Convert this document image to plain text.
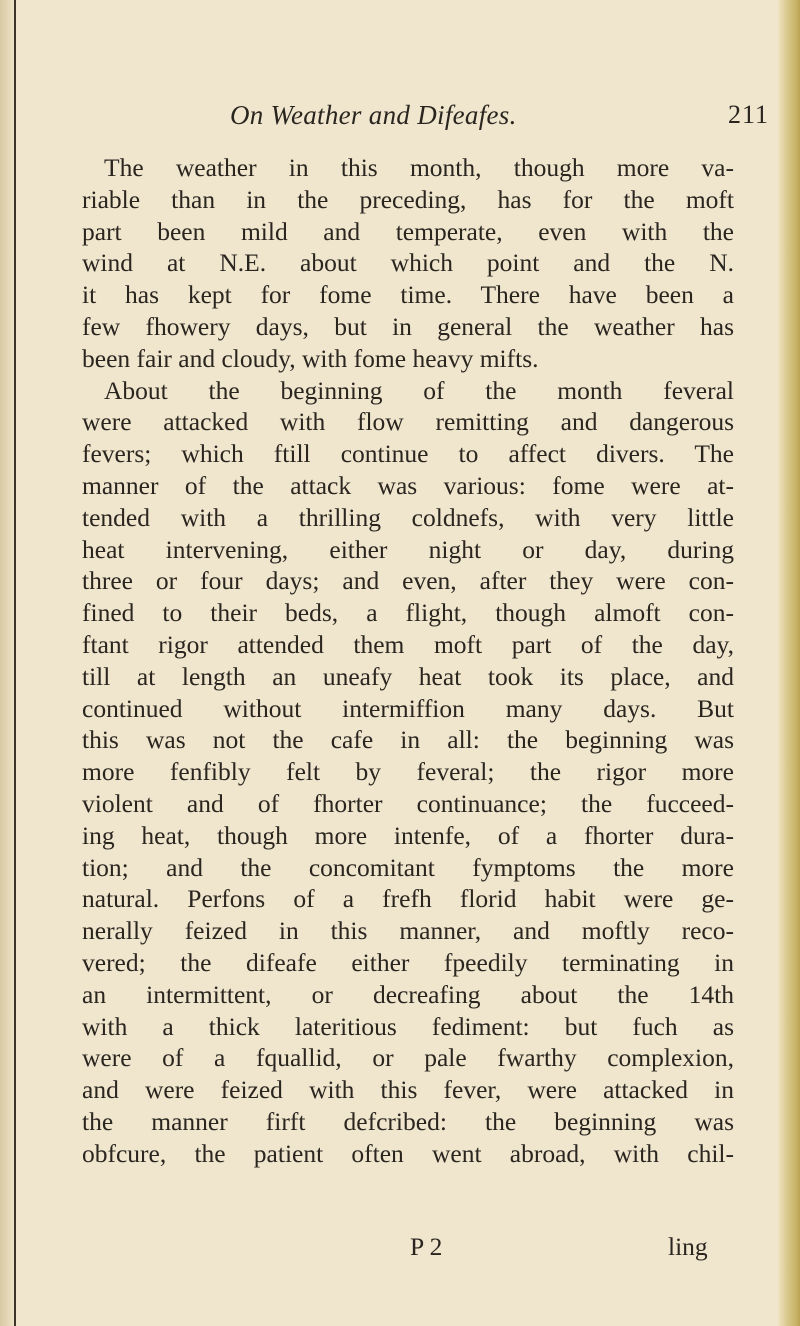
On Weather and Difeafes.	211
The weather in this month, though more va-
riable than in the preceding, has for the moft
part been mild and temperate, even with the
wind at N.E. about which point and the N.
it has kept for fome time. There have been a
few fhowery days, but in general the weather has
been fair and cloudy, with fome heavy mifts.
About the beginning of the month feveral
were attacked with flow remitting and dangerous
fevers; which ftill continue to affect divers. The
manner of the attack was various: fome were at-
tended with a thrilling coldnefs, with very little
heat intervening, either night or day, during
three or four days; and even, after they were con-
fined to their beds, a flight, though almoft con-
ftant rigor attended them moft part of the day,
till at length an uneafy heat took its place, and
continued without intermiffion many days. But
this was not the cafe in all: the beginning was
more fenfibly felt by feveral; the rigor more
violent and of fhorter continuance; the fucceed-
ing heat, though more intenfe, of a fhorter dura-
tion; and the concomitant fymptoms the more
natural. Perfons of a frefh florid habit were ge-
nerally feized in this manner, and moftly reco-
vered; the difeafe either fpeedily terminating in
an intermittent, or decreafing about the 14th
with a thick lateritious fediment: but fuch as
were of a fquallid, or pale fwarthy complexion,
and were feized with this fever, were attacked in
the manner firft defcribed: the beginning was
obfcure, the patient often went abroad, with chil-
P 2	ling
